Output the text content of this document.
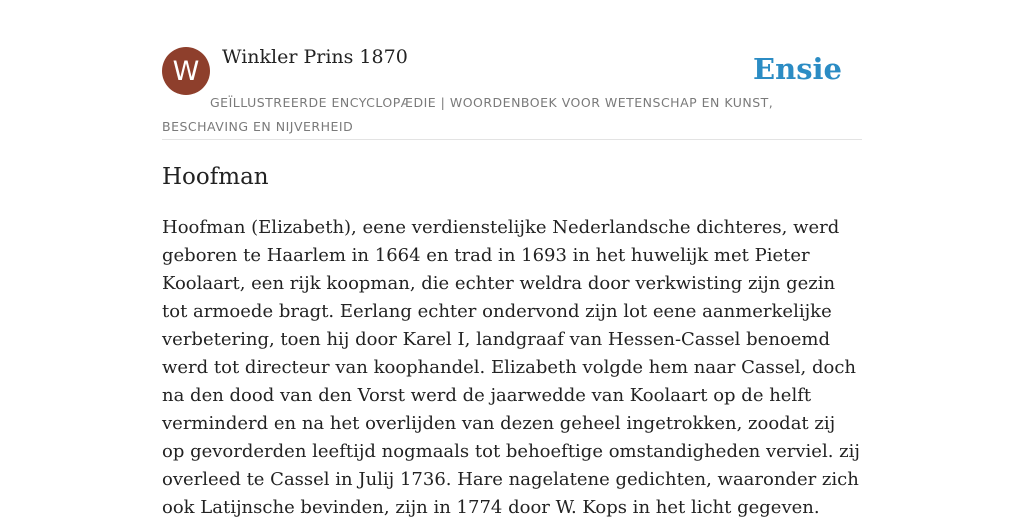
W	Winkler Prins 1870	Ensie

GEÏLLUSTREERDE ENCYCLOPÆDIE | WOORDENBOEK VOOR WETENSCHAP EN KUNST, BESCHAVING EN NIJVERHEID

Hoofman

Hoofman (Elizabeth), eene verdienstelijke Nederlandsche dichteres, werd geboren te Haarlem in 1664 en trad in 1693 in het huwelijk met Pieter Koolaart, een rijk koopman, die echter weldra door verkwisting zijn gezin tot armoede bragt. Eerlang echter ondervond zijn lot eene aanmerkelijke verbetering, toen hij door Karel I, landgraaf van Hessen-Cassel benoemd werd tot directeur van koophandel. Elizabeth volgde hem naar Cassel, doch na den dood van den Vorst werd de jaarwedde van Koolaart op de helft verminderd en na het overlijden van dezen geheel ingetrokken, zoodat zij op gevorderden leeftijd nogmaals tot behoeftige omstandigheden verviel. zij overleed te Cassel in Julij 1736. Hare nagelatene gedichten, waaronder zich ook Latijnsche bevinden, zijn in 1774 door W. Kops in het licht gegeven.
